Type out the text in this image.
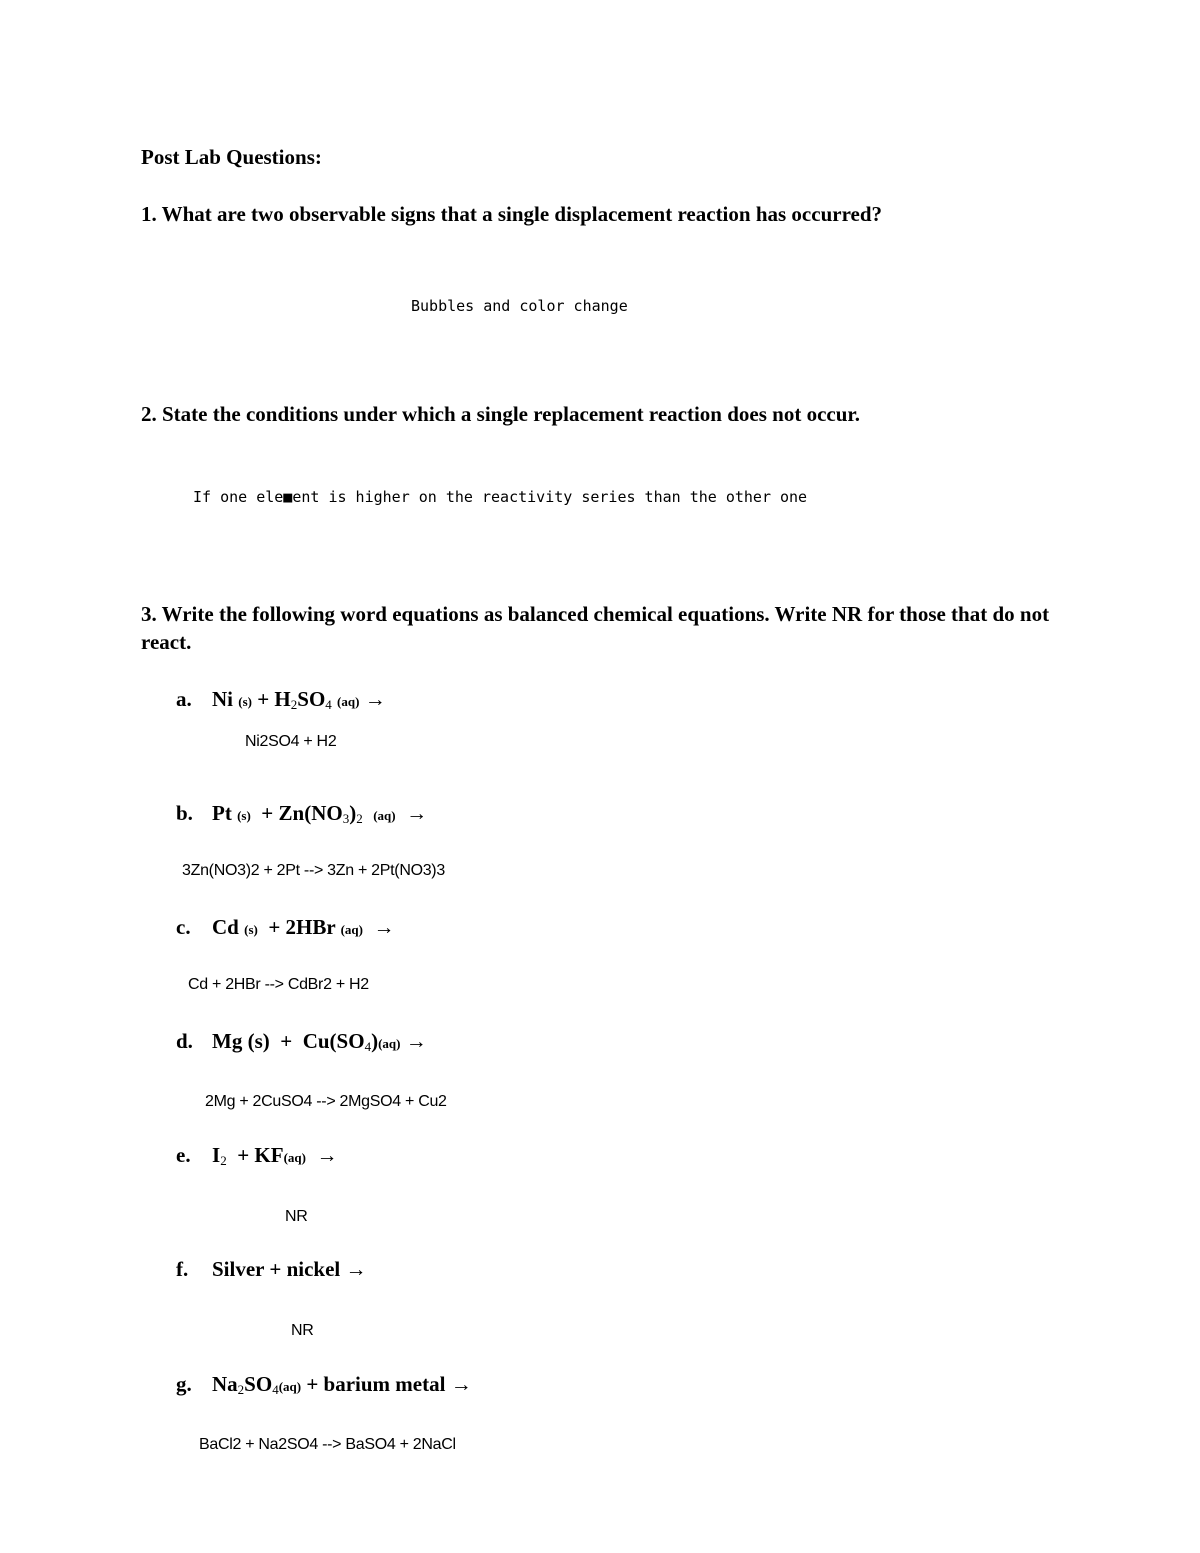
Post Lab Questions:
1. What are two observable signs that a single displacement reaction has occurred?
Bubbles and color change
2. State the conditions under which a single replacement reaction does not occur.
If one ele■ent is higher on the reactivity series than the other one
3. Write the following word equations as balanced chemical equations. Write NR for those that do not react.
a. Ni $(s) + H_2SO_4$ (aq) →
Ni2SO4 + H2
b. Pt $(s) + Zn(NO_3)_2$ (aq)  →
3Zn(NO3)2 + 2Pt --> 3Zn + 2Pt(NO3)3
c. Cd (s)  + 2HBr (aq)  →
Cd + 2HBr --> CdBr2 + H2
d. Mg $(s) + Cu(SO_4)(aq)$ →
2Mg + 2CuSO4 --> 2MgSO4 + Cu2
e. $I_2 + KF(aq)$  →
NR
f. Silver + nickel →
NR
g. $Na_2SO_4(aq)$ + barium metal →
BaCl2 + Na2SO4 --> BaSO4 + 2NaCl
